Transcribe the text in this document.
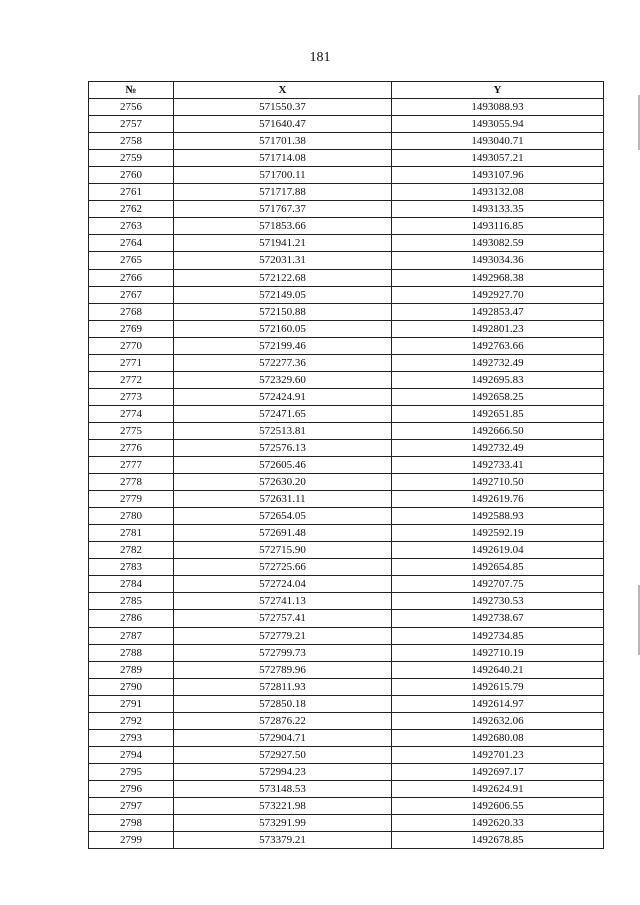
181
№	X	Y
2756	571550.37	1493088.93
2757	571640.47	1493055.94
2758	571701.38	1493040.71
2759	571714.08	1493057.21
2760	571700.11	1493107.96
2761	571717.88	1493132.08
2762	571767.37	1493133.35
2763	571853.66	1493116.85
2764	571941.21	1493082.59
2765	572031.31	1493034.36
2766	572122.68	1492968.38
2767	572149.05	1492927.70
2768	572150.88	1492853.47
2769	572160.05	1492801.23
2770	572199.46	1492763.66
2771	572277.36	1492732.49
2772	572329.60	1492695.83
2773	572424.91	1492658.25
2774	572471.65	1492651.85
2775	572513.81	1492666.50
2776	572576.13	1492732.49
2777	572605.46	1492733.41
2778	572630.20	1492710.50
2779	572631.11	1492619.76
2780	572654.05	1492588.93
2781	572691.48	1492592.19
2782	572715.90	1492619.04
2783	572725.66	1492654.85
2784	572724.04	1492707.75
2785	572741.13	1492730.53
2786	572757.41	1492738.67
2787	572779.21	1492734.85
2788	572799.73	1492710.19
2789	572789.96	1492640.21
2790	572811.93	1492615.79
2791	572850.18	1492614.97
2792	572876.22	1492632.06
2793	572904.71	1492680.08
2794	572927.50	1492701.23
2795	572994.23	1492697.17
2796	573148.53	1492624.91
2797	573221.98	1492606.55
2798	573291.99	1492620.33
2799	573379.21	1492678.85
